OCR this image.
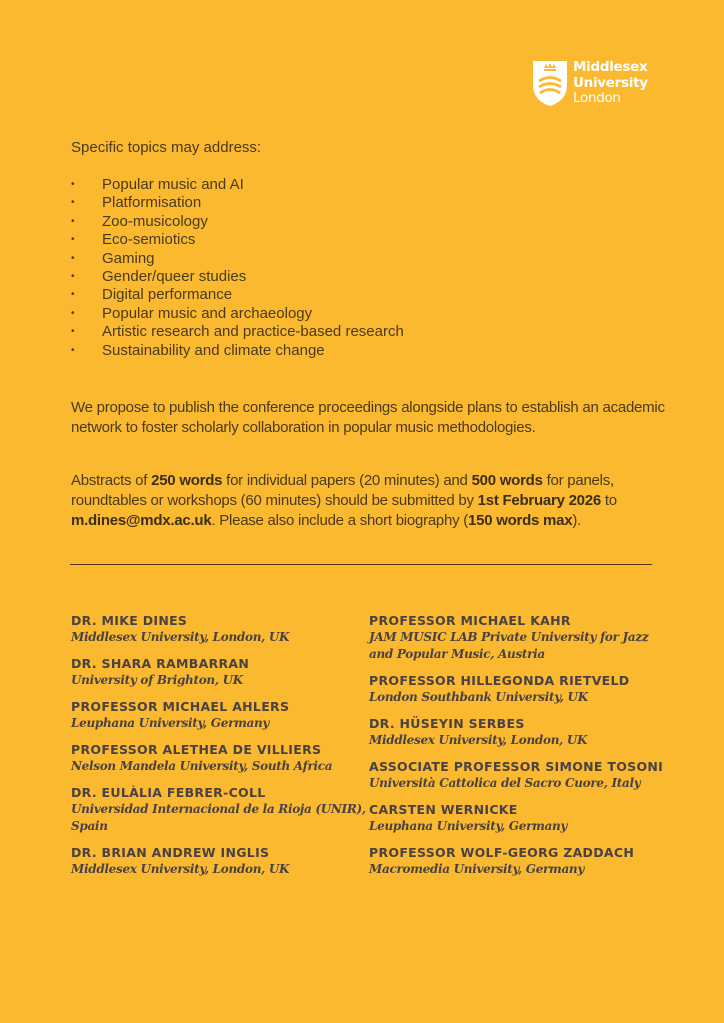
Middlesex
University
London
Specific topics may address:
•	Popular music and AI
•	Platformisation
•	Zoo-musicology
•	Eco-semiotics
•	Gaming
•	Gender/queer studies
•	Digital performance
•	Popular music and archaeology
•	Artistic research and practice-based research
•	Sustainability and climate change

We propose to publish the conference proceedings alongside plans to establish an academic network to foster scholarly collaboration in popular music methodologies.

Abstracts of 250 words for individual papers (20 minutes) and 500 words for panels, roundtables or workshops (60 minutes) should be submitted by 1st February 2026 to m.dines@mdx.ac.uk. Please also include a short biography (150 words max).

DR. MIKE DINES
Middlesex University, London, UK
DR. SHARA RAMBARRAN
University of Brighton, UK
PROFESSOR MICHAEL AHLERS
Leuphana University, Germany
PROFESSOR ALETHEA DE VILLIERS
Nelson Mandela University, South Africa
DR. EULÀLIA FEBRER-COLL
Universidad Internacional de la Rioja (UNIR), Spain
DR. BRIAN ANDREW INGLIS
Middlesex University, London, UK
PROFESSOR MICHAEL KAHR
JAM MUSIC LAB Private University for Jazz and Popular Music, Austria
PROFESSOR HILLEGONDA RIETVELD
London Southbank University, UK
DR. HÜSEYIN SERBES
Middlesex University, London, UK
ASSOCIATE PROFESSOR SIMONE TOSONI
Università Cattolica del Sacro Cuore, Italy
CARSTEN WERNICKE
Leuphana University, Germany
PROFESSOR WOLF-GEORG ZADDACH
Macromedia University, Germany
